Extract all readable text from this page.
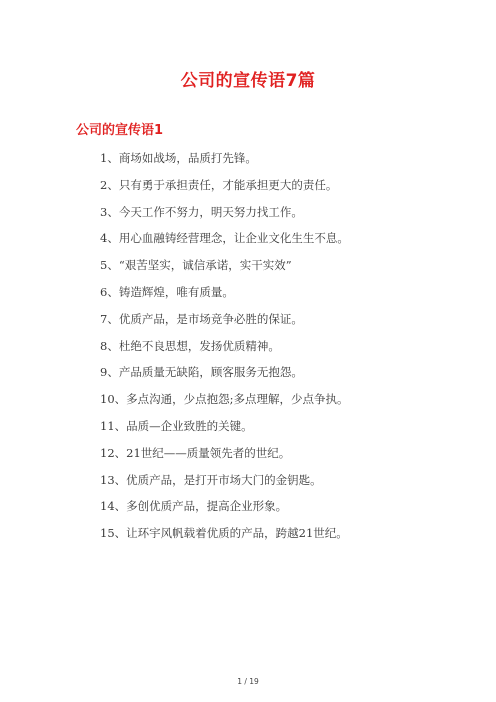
公司的宣传语7篇
公司的宣传语1
1、商场如战场，品质打先锋。
2、只有勇于承担责任，才能承担更大的责任。
3、今天工作不努力，明天努力找工作。
4、用心血融铸经营理念，让企业文化生生不息。
5、“艰苦坚实，诚信承诺，实干实效”
6、铸造辉煌，唯有质量。
7、优质产品，是市场竞争必胜的保证。
8、杜绝不良思想，发扬优质精神。
9、产品质量无缺陷，顾客服务无抱怨。
10、多点沟通，少点抱怨;多点理解，少点争执。
11、品质—企业致胜的关键。
12、21世纪——质量领先者的世纪。
13、优质产品，是打开市场大门的金钥匙。
14、多创优质产品，提高企业形象。
15、让环宇风帆载着优质的产品，跨越21世纪。
1 / 19
